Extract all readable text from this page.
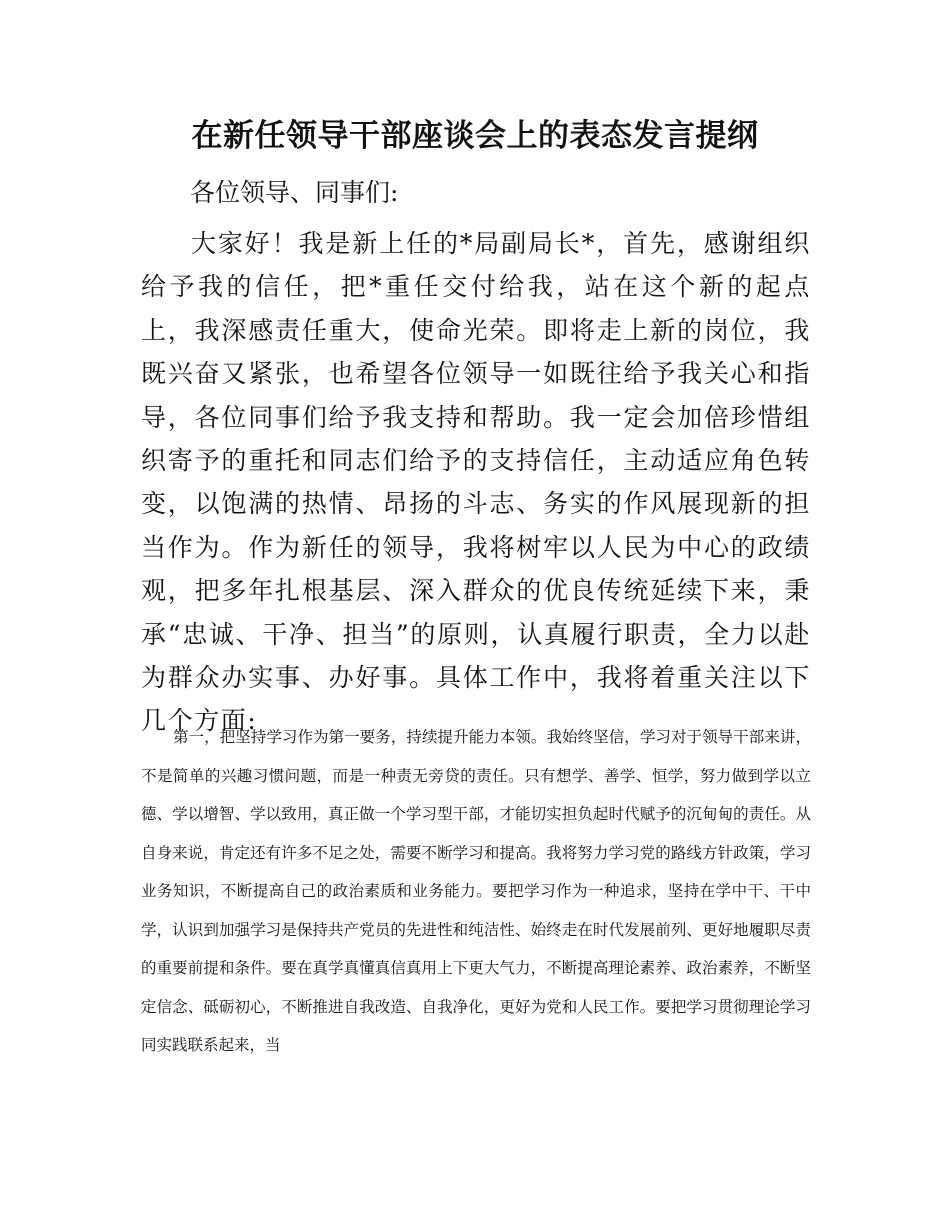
在新任领导干部座谈会上的表态发言提纲

各位领导、同事们:

大家好！我是新上任的*局副局长*，首先，感谢组织给予我的信任，把*重任交付给我，站在这个新的起点上，我深感责任重大，使命光荣。即将走上新的岗位，我既兴奋又紧张，也希望各位领导一如既往给予我关心和指导，各位同事们给予我支持和帮助。我一定会加倍珍惜组织寄予的重托和同志们给予的支持信任，主动适应角色转变，以饱满的热情、昂扬的斗志、务实的作风展现新的担当作为。作为新任的领导，我将树牢以人民为中心的政绩观，把多年扎根基层、深入群众的优良传统延续下来，秉承“忠诚、干净、担当”的原则，认真履行职责，全力以赴为群众办实事、办好事。具体工作中，我将着重关注以下几个方面:

第一，把坚持学习作为第一要务，持续提升能力本领。我始终坚信，学习对于领导干部来讲，不是简单的兴趣习惯问题，而是一种责无旁贷的责任。只有想学、善学、恒学，努力做到学以立德、学以增智、学以致用，真正做一个学习型干部，才能切实担负起时代赋予的沉甸甸的责任。从自身来说，肯定还有许多不足之处，需要不断学习和提高。我将努力学习党的路线方针政策，学习业务知识，不断提高自己的政治素质和业务能力。要把学习作为一种追求，坚持在学中干、干中学，认识到加强学习是保持共产党员的先进性和纯洁性、始终走在时代发展前列、更好地履职尽责的重要前提和条件。要在真学真懂真信真用上下更大气力，不断提高理论素养、政治素养，不断坚定信念、砥砺初心，不断推进自我改造、自我净化，更好为党和人民工作。要把学习贯彻理论学习同实践联系起来，当
